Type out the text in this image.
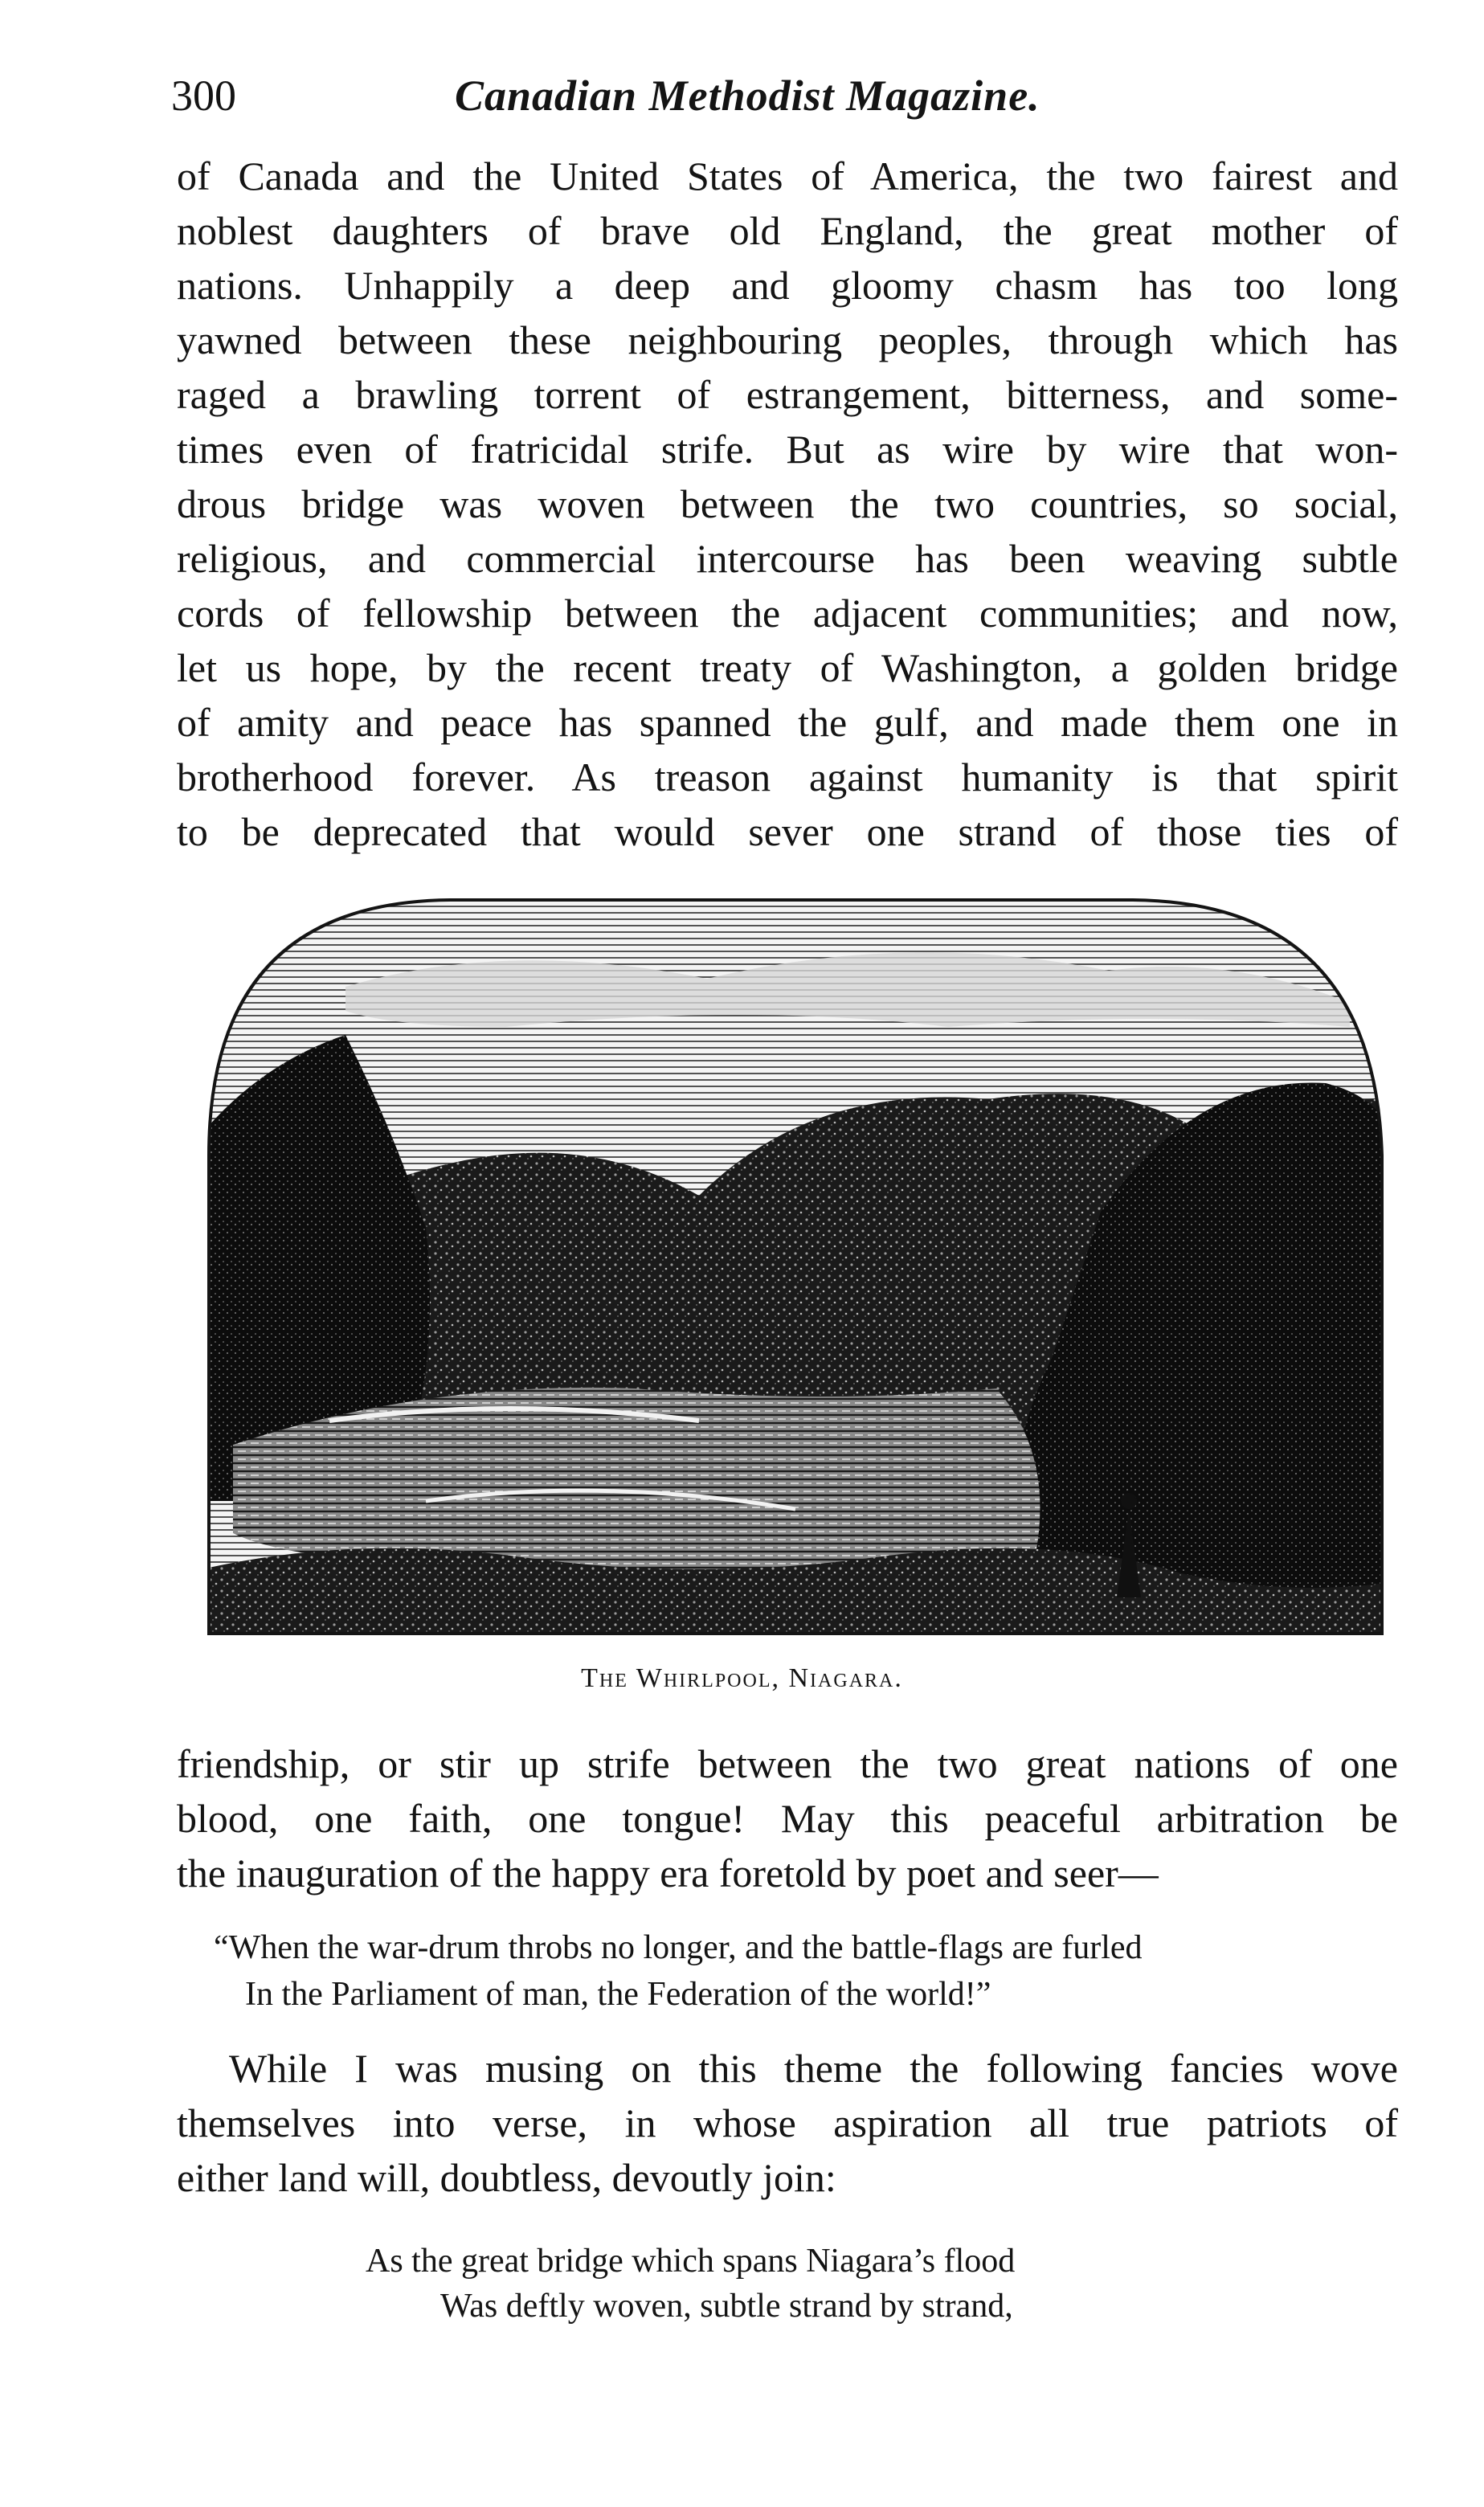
300	Canadian Methodist Magazine.
of Canada and the United States of America, the two fairest and
noblest daughters of brave old England, the great mother of
nations. Unhappily a deep and gloomy chasm has too long
yawned between these neighbouring peoples, through which has
raged a brawling torrent of estrangement, bitterness, and some-
times even of fratricidal strife. But as wire by wire that won-
drous bridge was woven between the two countries, so social,
religious, and commercial intercourse has been weaving subtle
cords of fellowship between the adjacent communities; and now,
let us hope, by the recent treaty of Washington, a golden bridge
of amity and peace has spanned the gulf, and made them one in
brotherhood forever. As treason against humanity is that spirit
to be deprecated that would sever one strand of those ties of
The Whirlpool, Niagara.
friendship, or stir up strife between the two great nations of one
blood, one faith, one tongue! May this peaceful arbitration be
the inauguration of the happy era foretold by poet and seer—
“When the war-drum throbs no longer, and the battle-flags are furled
In the Parliament of man, the Federation of the world!”
While I was musing on this theme the following fancies wove
themselves into verse, in whose aspiration all true patriots of
either land will, doubtless, devoutly join:
As the great bridge which spans Niagara’s flood
Was deftly woven, subtle strand by strand,
